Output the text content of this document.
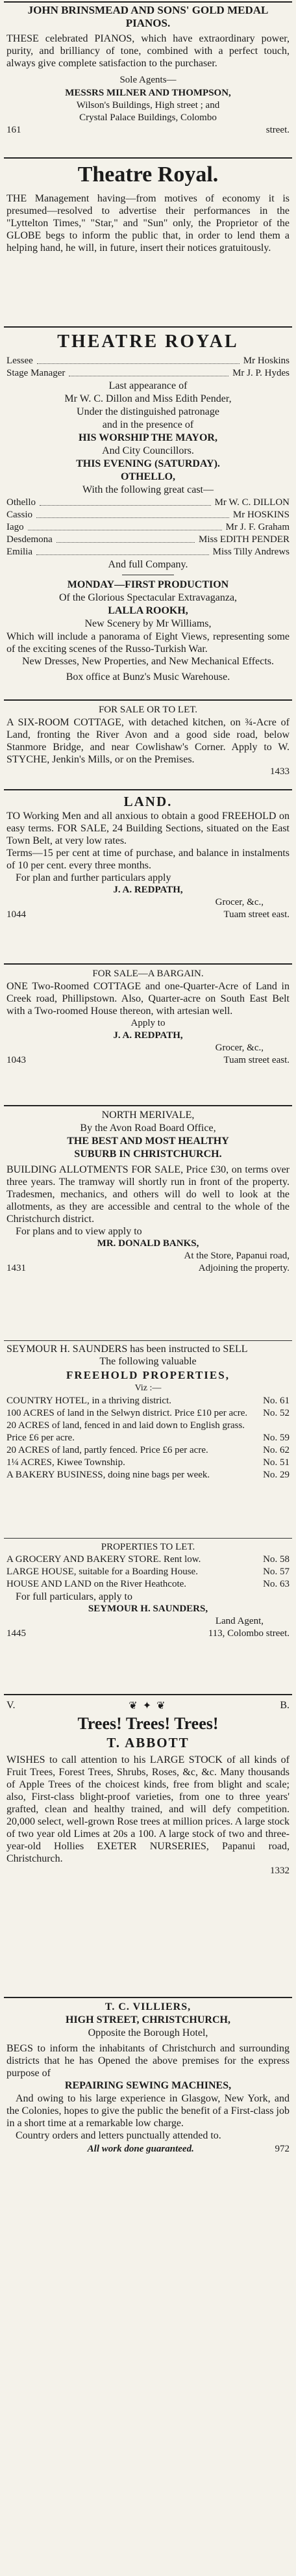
JOHN BRINSMEAD AND SONS' GOLD MEDAL PIANOS.

THESE celebrated PIANOS, which have extraordinary power, purity, and brilliancy of tone, combined with a perfect touch, always give complete satisfaction to the purchaser.

Sole Agents—
MESSRS MILNER AND THOMPSON,
Wilson's Buildings, High street ; and
Crystal Palace Buildings, Colombo
161	street.
Theatre Royal.

THE Management having—from motives of economy it is presumed—resolved to advertise their performances in the "Lyttelton Times," "Star," and "Sun" only, the Proprietor of the GLOBE begs to inform the public that, in order to lend them a helping hand, he will, in future, insert their notices gratuitously.

THEATRE ROYAL
Lessee	Mr Hoskins
Stage Manager	Mr J. P. Hydes
Last appearance of
Mr W. C. Dillon and Miss Edith Pender,
Under the distinguished patronage
and in the presence of
HIS WORSHIP THE MAYOR,
And City Councillors.
THIS EVENING (SATURDAY).
OTHELLO,
With the following great cast—
Othello	Mr W. C. DILLON
Cassio	Mr HOSKINS
Iago	Mr J. F. Graham
Desdemona	Miss EDITH PENDER
Emilia	Miss Tilly Andrews
And full Company.
MONDAY—FIRST PRODUCTION
Of the Glorious Spectacular Extravaganza,
LALLA ROOKH,
New Scenery by Mr Williams,

Which will include a panorama of Eight Views, representing some of the exciting scenes of the Russo-Turkish War.

New Dresses, New Properties, and New Mechanical Effects.
Box office at Bunz's Music Warehouse.
FOR SALE OR TO LET.

A SIX-ROOM COTTAGE, with detached kitchen, on ¾-Acre of Land, fronting the River Avon and a good side road, below Stanmore Bridge, and near Cowlishaw's Corner. Apply to W. STYCHE, Jenkin's Mills, or on the Premises.

1433
LAND.

TO Working Men and all anxious to obtain a good FREEHOLD on easy terms. FOR SALE, 24 Building Sections, situated on the East Town Belt, at very low rates.

Terms—15 per cent at time of purchase, and balance in instalments of 10 per cent. every three months.

For plan and further particulars apply

J. A. REDPATH,
Grocer, &c.,
1044	Tuam street east.
FOR SALE—A BARGAIN.

ONE Two-Roomed COTTAGE and one-Quarter-Acre of Land in Creek road, Phillipstown. Also, Quarter-acre on South East Belt with a Two-roomed House thereon, with artesian well.

Apply to
J. A. REDPATH,
Grocer, &c.,
1043	Tuam street east.
NORTH MERIVALE,
By the Avon Road Board Office,
THE BEST AND MOST HEALTHY
SUBURB IN CHRISTCHURCH.

BUILDING ALLOTMENTS FOR SALE, Price £30, on terms over three years. The tramway will shortly run in front of the property. Tradesmen, mechanics, and others will do well to look at the allotments, as they are accessible and central to the whole of the Christchurch district.

For plans and to view apply to

MR. DONALD BANKS,
At the Store, Papanui road,
1431	Adjoining the property.

SEYMOUR H. SAUNDERS has been instructed to SELL

The following valuable
FREEHOLD PROPERTIES,
Viz :—
COUNTRY HOTEL, in a thriving district.	No. 61
100 ACRES of land in the Selwyn district. Price £10 per acre.	No. 52
20 ACRES of land, fenced in and laid down to English grass. Price £6 per acre.	No. 59
20 ACRES of land, partly fenced. Price £6 per acre.	No. 62
1¼ ACRES, Kiwee Township.	No. 51
A BAKERY BUSINESS, doing nine bags per week.	No. 29
PROPERTIES TO LET.
A GROCERY AND BAKERY STORE. Rent low.	No. 58
LARGE HOUSE, suitable for a Boarding House.	No. 57
HOUSE AND LAND on the River Heathcote.	No. 63

For full particulars, apply to

SEYMOUR H. SAUNDERS,
Land Agent,
1445	113, Colombo street.
V.	❦ ✦ ❦	B.
Trees! Trees! Trees!
T. ABBOTT

WISHES to call attention to his LARGE STOCK of all kinds of Fruit Trees, Forest Trees, Shrubs, Roses, &c, &c. Many thousands of Apple Trees of the choicest kinds, free from blight and scale; also, First-class blight-proof varieties, from one to three years' grafted, clean and healthy trained, and will defy competition. 20,000 select, well-grown Rose trees at million prices. A large stock of two year old Limes at 20s a 100. A large stock of two and three-year-old Hollies EXETER NURSERIES, Papanui road, Christchurch.

1332
T. C. VILLIERS,
HIGH STREET, CHRISTCHURCH,
Opposite the Borough Hotel,

BEGS to inform the inhabitants of Christchurch and surrounding districts that he has Opened the above premises for the express purpose of

REPAIRING SEWING MACHINES,

And owing to his large experience in Glasgow, New York, and the Colonies, hopes to give the public the benefit of a First-class job in a short time at a remarkable low charge.

Country orders and letters punctually attended to.

All work done guaranteed.	972
